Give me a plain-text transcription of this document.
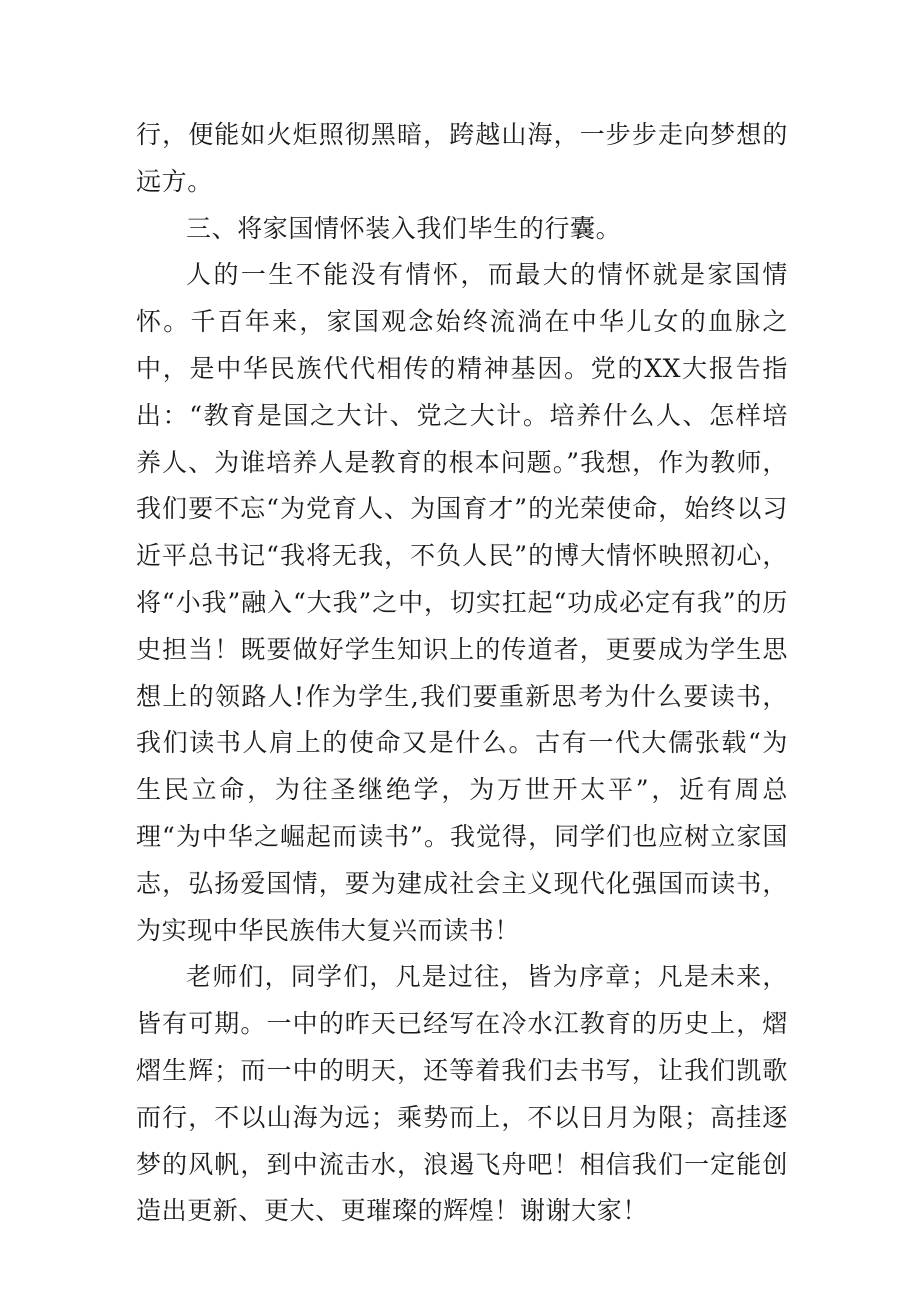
行，便能如火炬照彻黑暗，跨越山海，一步步走向梦想的远方。

三、将家国情怀装入我们毕生的行囊。

人的一生不能没有情怀，而最大的情怀就是家国情怀。千百年来，家国观念始终流淌在中华儿女的血脉之中，是中华民族代代相传的精神基因。党的XX大报告指出：“教育是国之大计、党之大计。培养什么人、怎样培养人、为谁培养人是教育的根本问题。”我想，作为教师，我们要不忘“为党育人、为国育才”的光荣使命，始终以习近平总书记“我将无我，不负人民”的博大情怀映照初心，将“小我”融入“大我”之中，切实扛起“功成必定有我”的历史担当！既要做好学生知识上的传道者，更要成为学生思想上的领路人!作为学生,我们要重新思考为什么要读书，我们读书人肩上的使命又是什么。古有一代大儒张载“为生民立命，为往圣继绝学，为万世开太平”，近有周总理“为中华之崛起而读书”。我觉得，同学们也应树立家国志，弘扬爱国情，要为建成社会主义现代化强国而读书，为实现中华民族伟大复兴而读书！

老师们，同学们，凡是过往，皆为序章；凡是未来，皆有可期。一中的昨天已经写在冷水江教育的历史上，熠熠生辉；而一中的明天，还等着我们去书写，让我们凯歌而行，不以山海为远；乘势而上，不以日月为限；高挂逐梦的风帆，到中流击水，浪遏飞舟吧！相信我们一定能创造出更新、更大、更璀璨的辉煌！谢谢大家！
